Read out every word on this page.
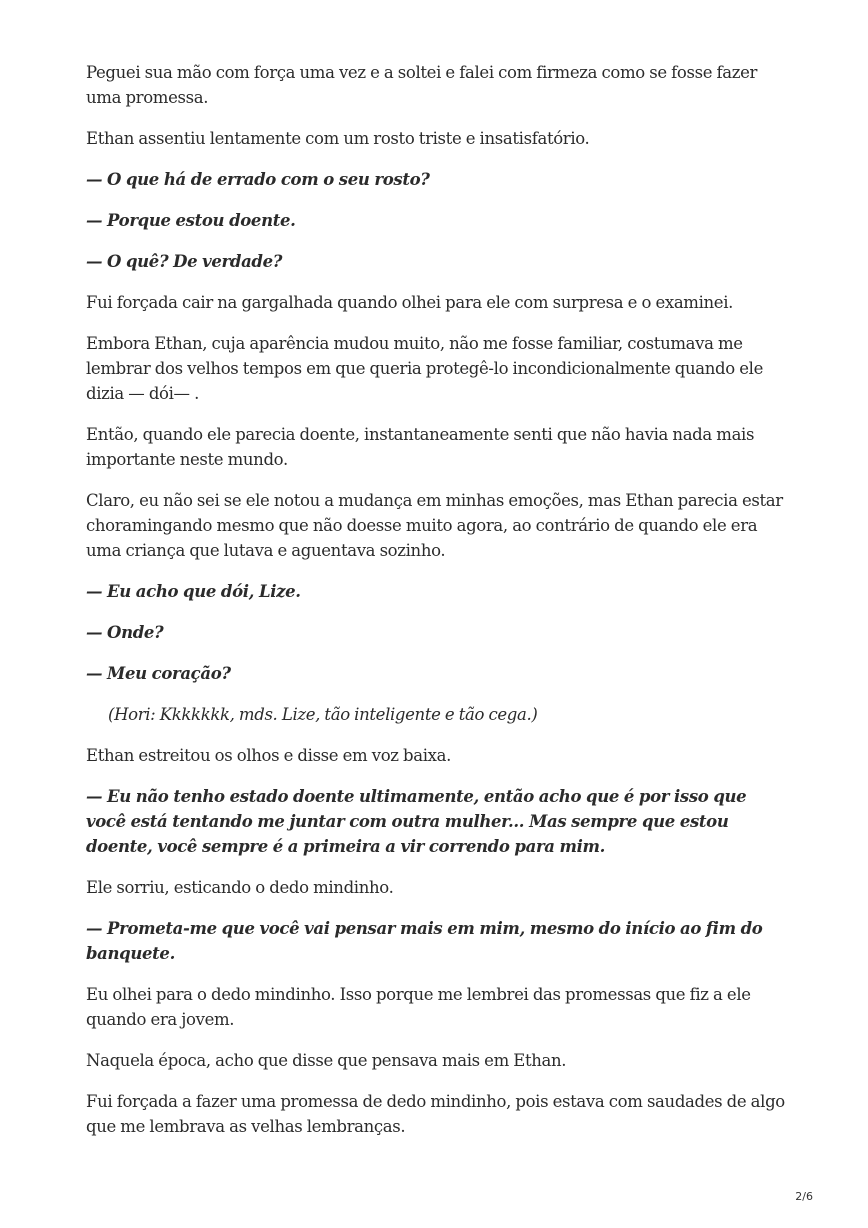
Peguei sua mão com força uma vez e a soltei e falei com firmeza como se fosse fazer uma promessa.

Ethan assentiu lentamente com um rosto triste e insatisfatório.

— O que há de errado com o seu rosto?

— Porque estou doente.

— O quê? De verdade?

Fui forçada cair na gargalhada quando olhei para ele com surpresa e o examinei.

Embora Ethan, cuja aparência mudou muito, não me fosse familiar, costumava me lembrar dos velhos tempos em que queria protegê-lo incondicionalmente quando ele dizia — dói— .

Então, quando ele parecia doente, instantaneamente senti que não havia nada mais importante neste mundo.

Claro, eu não sei se ele notou a mudança em minhas emoções, mas Ethan parecia estar choramingando mesmo que não doesse muito agora, ao contrário de quando ele era uma criança que lutava e aguentava sozinho.

— Eu acho que dói, Lize.

— Onde?

— Meu coração?

(Hori: Kkkkkkk, mds. Lize, tão inteligente e tão cega.)

Ethan estreitou os olhos e disse em voz baixa.

— Eu não tenho estado doente ultimamente, então acho que é por isso que você está tentando me juntar com outra mulher... Mas sempre que estou doente, você sempre é a primeira a vir correndo para mim.

Ele sorriu, esticando o dedo mindinho.

— Prometa-me que você vai pensar mais em mim, mesmo do início ao fim do banquete.

Eu olhei para o dedo mindinho. Isso porque me lembrei das promessas que fiz a ele quando era jovem.

Naquela época, acho que disse que pensava mais em Ethan.

Fui forçada a fazer uma promessa de dedo mindinho, pois estava com saudades de algo que me lembrava as velhas lembranças.

2/6
